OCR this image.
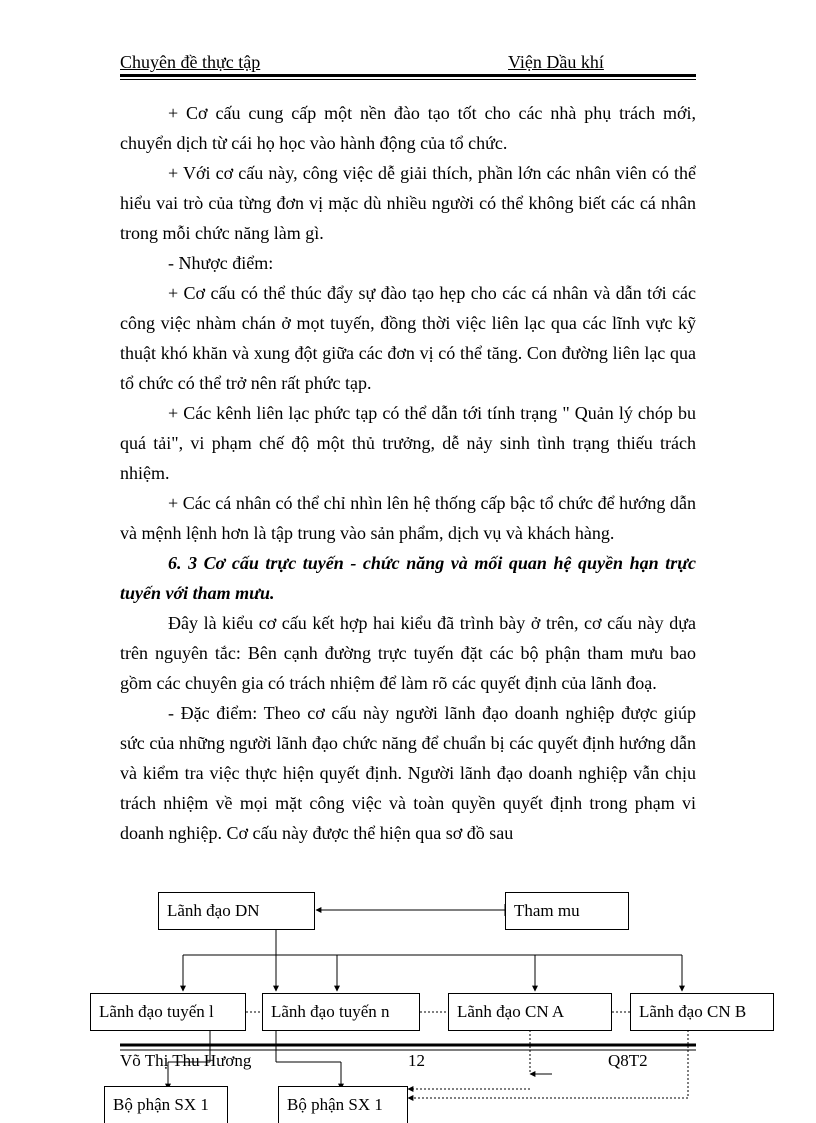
Chuyên đề thực tập	Viện Dầu khí

+ Cơ cấu cung cấp một nền đào tạo tốt cho các nhà phụ trách mới, chuyển dịch từ cái họ học vào hành động của tổ chức.

+ Với cơ cấu này, công việc dễ giải thích, phần lớn các nhân viên có thể hiểu vai trò của từng đơn vị mặc dù nhiều người có thể không biết các cá nhân trong mỗi chức năng làm gì.

- Nhược điểm:

+ Cơ cấu có thể thúc đẩy sự đào tạo hẹp cho các cá nhân và dẫn tới các công việc nhàm chán ở mọt tuyến, đồng thời việc liên lạc qua các lĩnh vực kỹ thuật khó khăn và xung đột giữa các đơn vị có thể tăng. Con đường liên lạc qua tổ chức có thể trở nên rất phức tạp.

+ Các kênh liên lạc phức tạp có thể dẫn tới tính trạng " Quản lý chóp bu quá tải", vi phạm chế độ một thủ trưởng, dễ nảy sinh tình trạng thiếu trách nhiệm.

+ Các cá nhân có thể chỉ nhìn lên hệ thống cấp bậc tổ chức để hướng dẫn và mệnh lệnh hơn là tập trung vào sản phẩm, dịch vụ và khách hàng.

6. 3 Cơ cấu trực tuyến - chức năng và mối quan hệ quyền hạn trực tuyến với tham mưu.

Đây là kiểu cơ cấu kết hợp hai kiểu đã trình bày ở trên, cơ cấu này dựa trên nguyên tắc: Bên cạnh đường trực tuyến đặt các bộ phận tham mưu bao gồm các chuyên gia có trách nhiệm để làm rõ các quyết định của lãnh đoạ.

- Đặc điểm: Theo cơ cấu này người lãnh đạo doanh nghiệp được giúp sức của những người lãnh đạo chức năng để chuẩn bị các quyết định hướng dẫn và kiểm tra việc thực hiện quyết định. Người lãnh đạo doanh nghiệp vẫn chịu trách nhiệm về mọi mặt công việc và toàn quyền quyết định trong phạm vi doanh nghiệp. Cơ cấu này được thể hiện qua sơ đồ sau

Lãnh đạo DN	Tham mu
Lãnh đạo tuyến l	Lãnh đạo tuyến n	Lãnh đạo CN A	Lãnh đạo CN B
Võ Thị Thu Hương	12	Q8T2
Bộ phận SX 1	Bộ phận SX 1
